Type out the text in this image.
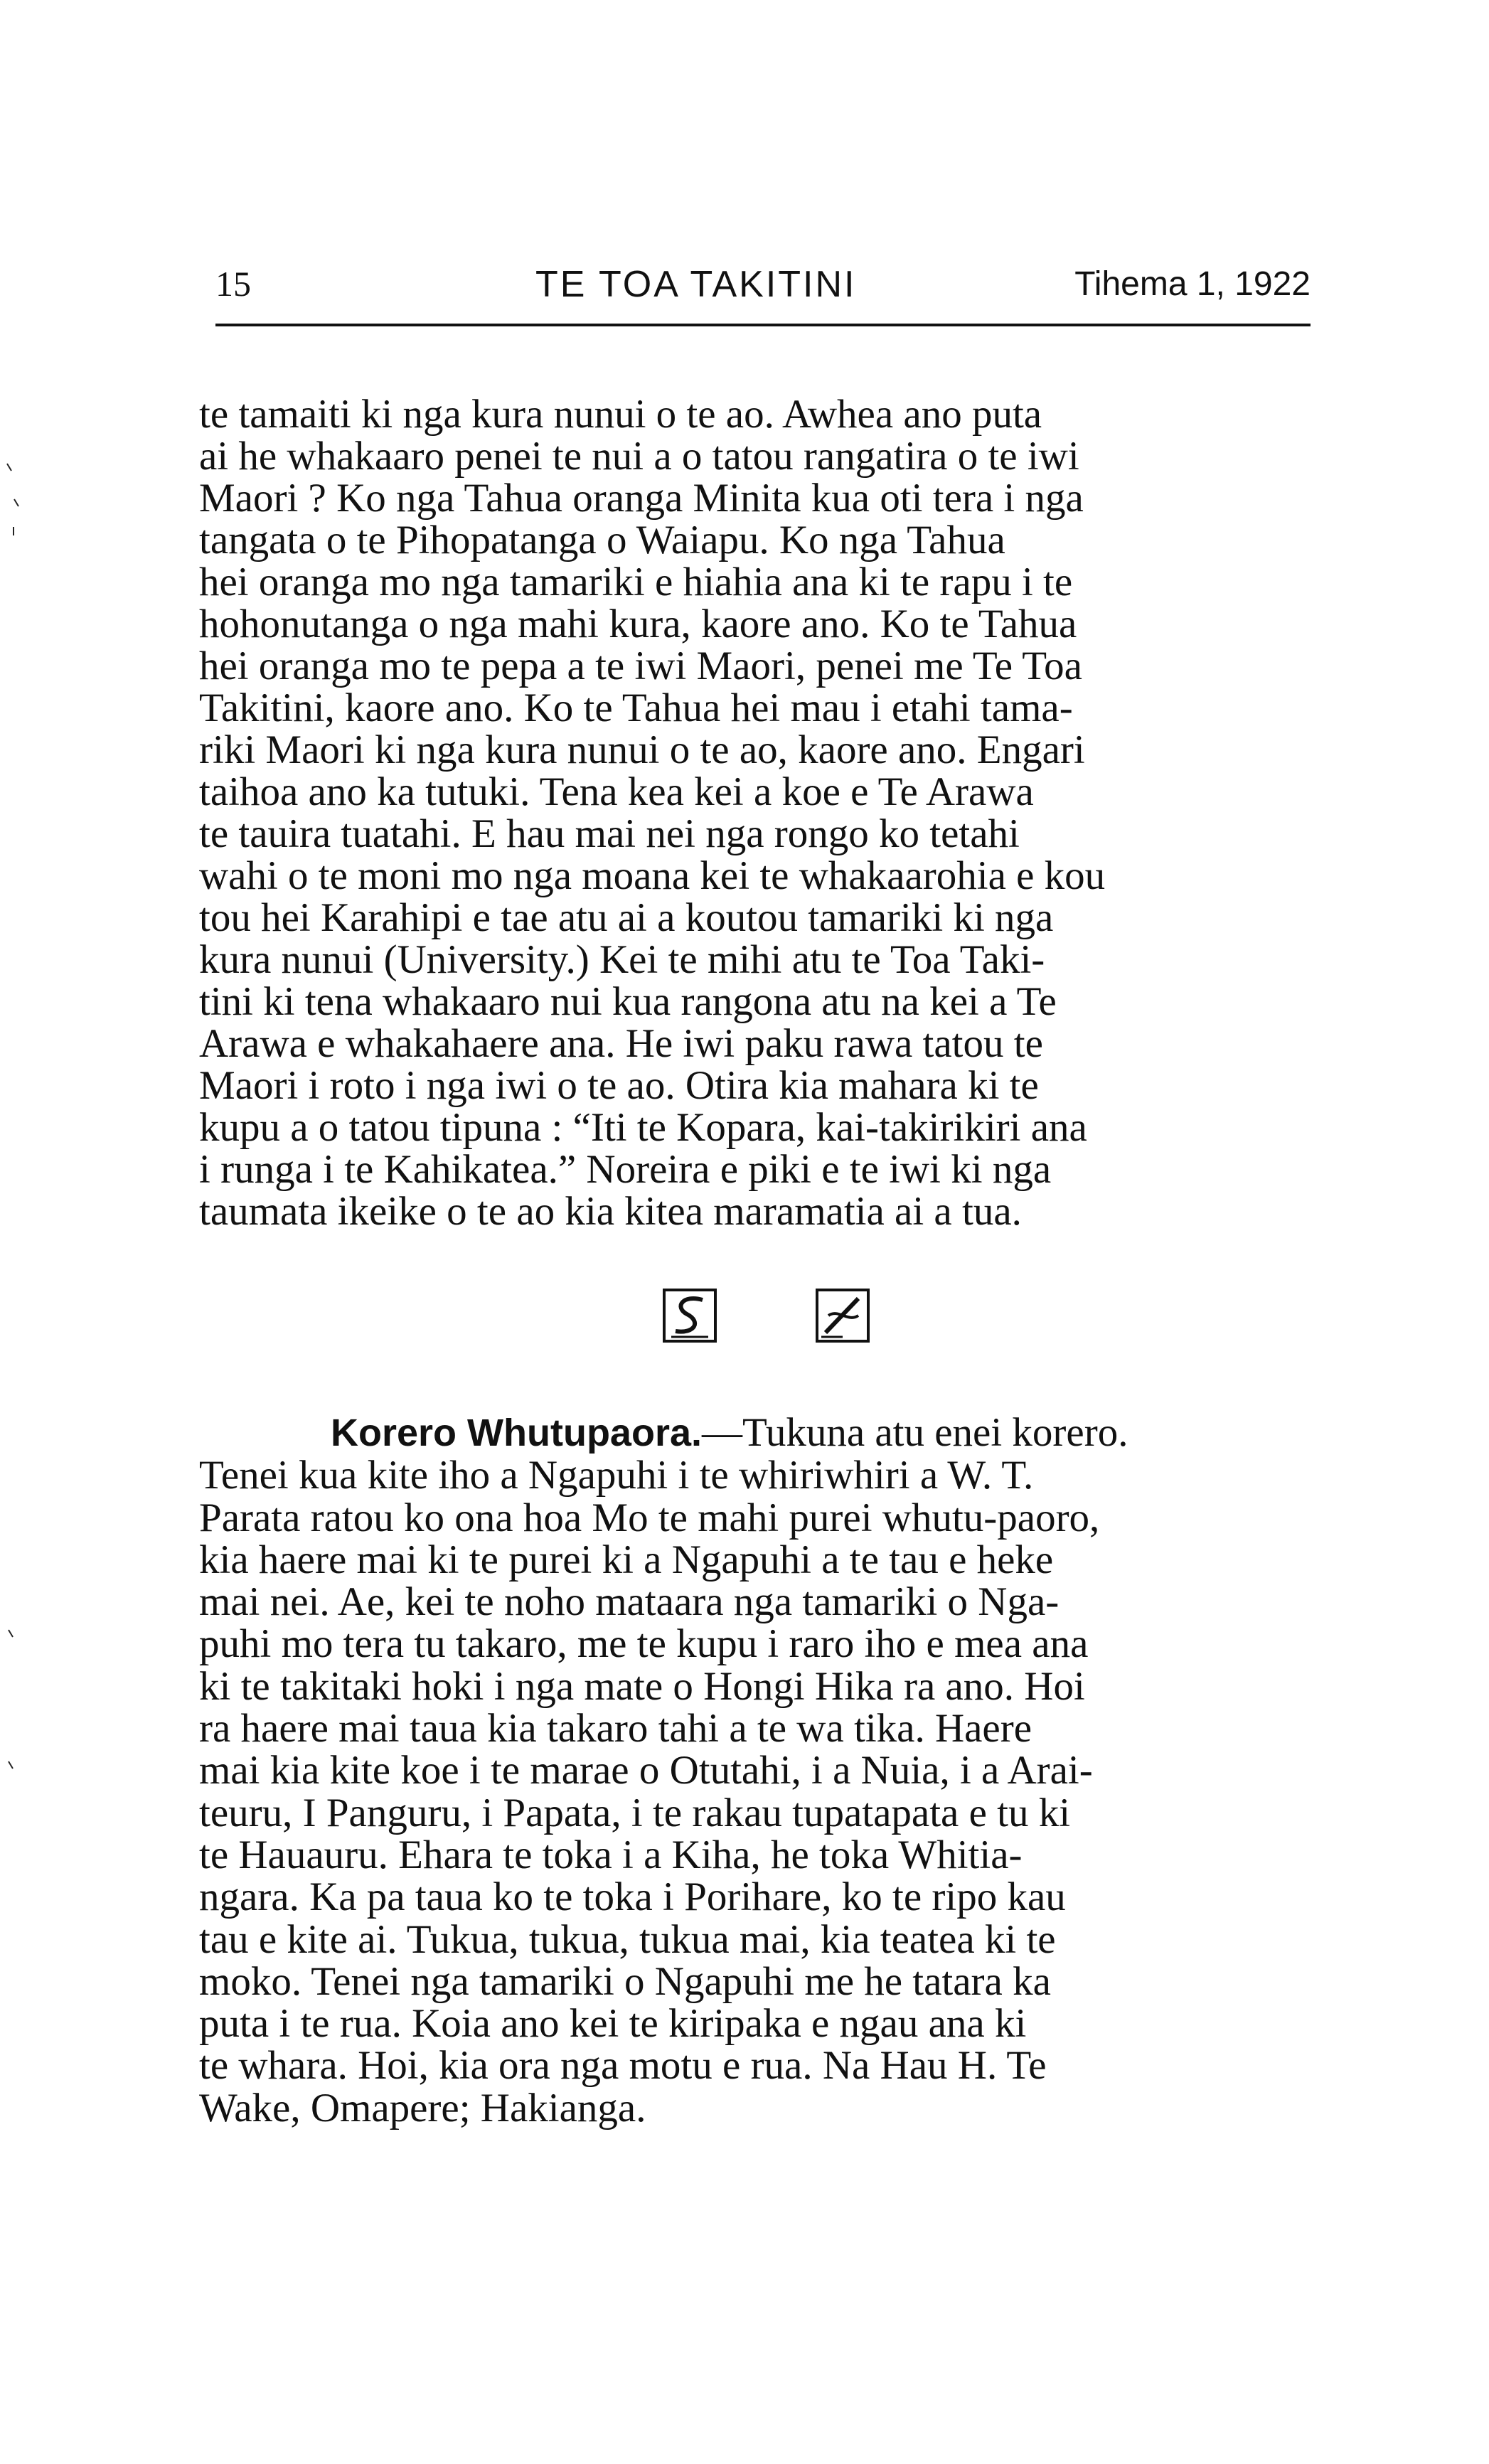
15	TE TOA TAKITINI	Tihema 1, 1922
te tamaiti ki nga kura nunui o te ao. Awhea ano puta
ai he whakaaro penei te nui a o tatou rangatira o te iwi
Maori ? Ko nga Tahua oranga Minita kua oti tera i nga
tangata o te Pihopatanga o Waiapu. Ko nga Tahua
hei oranga mo nga tamariki e hiahia ana ki te rapu i te
hohonutanga o nga mahi kura, kaore ano. Ko te Tahua
hei oranga mo te pepa a te iwi Maori, penei me Te Toa
Takitini, kaore ano. Ko te Tahua hei mau i etahi tama-
riki Maori ki nga kura nunui o te ao, kaore ano. Engari
taihoa ano ka tutuki. Tena kea kei a koe e Te Arawa
te tauira tuatahi. E hau mai nei nga rongo ko tetahi
wahi o te moni mo nga moana kei te whakaarohia e kou
tou hei Karahipi e tae atu ai a koutou tamariki ki nga
kura nunui (University.) Kei te mihi atu te Toa Taki-
tini ki tena whakaaro nui kua rangona atu na kei a Te
Arawa e whakahaere ana. He iwi paku rawa tatou te
Maori i roto i nga iwi o te ao. Otira kia mahara ki te
kupu a o tatou tipuna : “Iti te Kopara, kai-takirikiri ana
i runga i te Kahikatea.” Noreira e piki e te iwi ki nga
taumata ikeike o te ao kia kitea maramatia ai a tua.
Korero Whutupaora.—Tukuna atu enei korero.
Tenei kua kite iho a Ngapuhi i te whiriwhiri a W. T.
Parata ratou ko ona hoa Mo te mahi purei whutu-paoro,
kia haere mai ki te purei ki a Ngapuhi a te tau e heke
mai nei. Ae, kei te noho mataara nga tamariki o Nga-
puhi mo tera tu takaro, me te kupu i raro iho e mea ana
ki te takitaki hoki i nga mate o Hongi Hika ra ano. Hoi
ra haere mai taua kia takaro tahi a te wa tika. Haere
mai kia kite koe i te marae o Otutahi, i a Nuia, i a Arai-
teuru, I Panguru, i Papata, i te rakau tupatapata e tu ki
te Hauauru. Ehara te toka i a Kiha, he toka Whitia-
ngara. Ka pa taua ko te toka i Porihare, ko te ripo kau
tau e kite ai. Tukua, tukua, tukua mai, kia teatea ki te
moko. Tenei nga tamariki o Ngapuhi me he tatara ka
puta i te rua. Koia ano kei te kiripaka e ngau ana ki
te whara. Hoi, kia ora nga motu e rua. Na Hau H. Te
Wake, Omapere; Hakianga.
